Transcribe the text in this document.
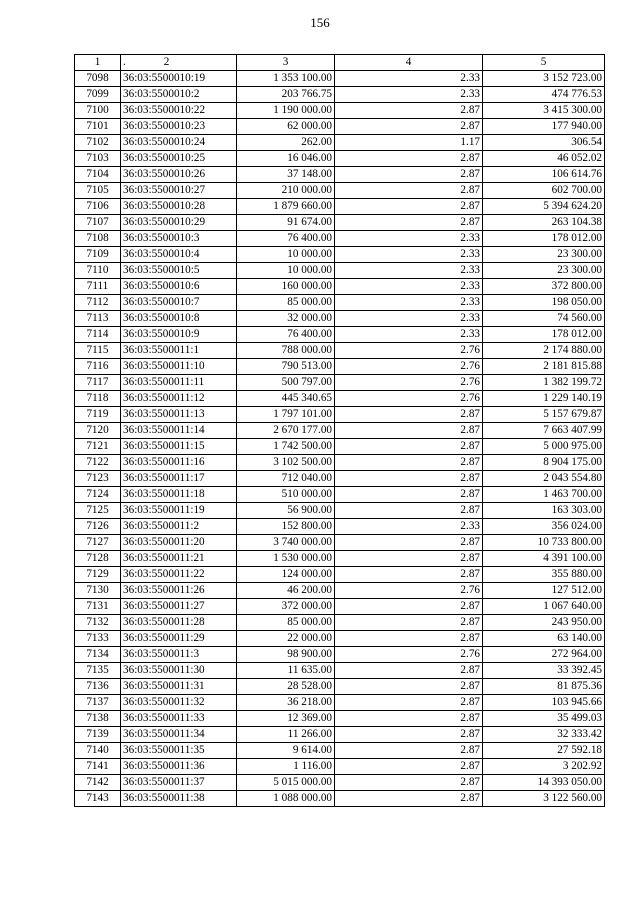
156
1	. 2	3	4	5
7098	36:03:5500010:19	1 353 100.00	2.33	3 152 723.00
7099	36:03:5500010:2	203 766.75	2.33	474 776.53
7100	36:03:5500010:22	1 190 000.00	2.87	3 415 300.00
7101	36:03:5500010:23	62 000.00	2.87	177 940.00
7102	36:03:5500010:24	262.00	1.17	306.54
7103	36:03:5500010:25	16 046.00	2.87	46 052.02
7104	36:03:5500010:26	37 148.00	2.87	106 614.76
7105	36:03:5500010:27	210 000.00	2.87	602 700.00
7106	36:03:5500010:28	1 879 660.00	2.87	5 394 624.20
7107	36:03:5500010:29	91 674.00	2.87	263 104.38
7108	36:03:5500010:3	76 400.00	2.33	178 012.00
7109	36:03:5500010:4	10 000.00	2.33	23 300.00
7110	36:03:5500010:5	10 000.00	2.33	23 300.00
7111	36:03:5500010:6	160 000.00	2.33	372 800.00
7112	36:03:5500010:7	85 000.00	2.33	198 050.00
7113	36:03:5500010:8	32 000.00	2.33	74 560.00
7114	36:03:5500010:9	76 400.00	2.33	178 012.00
7115	36:03:5500011:1	788 000.00	2.76	2 174 880.00
7116	36:03:5500011:10	790 513.00	2.76	2 181 815.88
7117	36:03:5500011:11	500 797.00	2.76	1 382 199.72
7118	36:03:5500011:12	445 340.65	2.76	1 229 140.19
7119	36:03:5500011:13	1 797 101.00	2.87	5 157 679.87
7120	36:03:5500011:14	2 670 177.00	2.87	7 663 407.99
7121	36:03:5500011:15	1 742 500.00	2.87	5 000 975.00
7122	36:03:5500011:16	3 102 500.00	2.87	8 904 175.00
7123	36:03:5500011:17	712 040.00	2.87	2 043 554.80
7124	36:03:5500011:18	510 000.00	2.87	1 463 700.00
7125	36:03:5500011:19	56 900.00	2.87	163 303.00
7126	36:03:5500011:2	152 800.00	2.33	356 024.00
7127	36:03:5500011:20	3 740 000.00	2.87	10 733 800.00
7128	36:03:5500011:21	1 530 000.00	2.87	4 391 100.00
7129	36:03:5500011:22	124 000.00	2.87	355 880.00
7130	36:03:5500011:26	46 200.00	2.76	127 512.00
7131	36:03:5500011:27	372 000.00	2.87	1 067 640.00
7132	36:03:5500011:28	85 000.00	2.87	243 950.00
7133	36:03:5500011:29	22 000.00	2.87	63 140.00
7134	36:03:5500011:3	98 900.00	2.76	272 964.00
7135	36:03:5500011:30	11 635.00	2.87	33 392.45
7136	36:03:5500011:31	28 528.00	2.87	81 875.36
7137	36:03:5500011:32	36 218.00	2.87	103 945.66
7138	36:03:5500011:33	12 369.00	2.87	35 499.03
7139	36:03:5500011:34	11 266.00	2.87	32 333.42
7140	36:03:5500011:35	9 614.00	2.87	27 592.18
7141	36:03:5500011:36	1 116.00	2.87	3 202.92
7142	36:03:5500011:37	5 015 000.00	2.87	14 393 050.00
7143	36:03:5500011:38	1 088 000.00	2.87	3 122 560.00
